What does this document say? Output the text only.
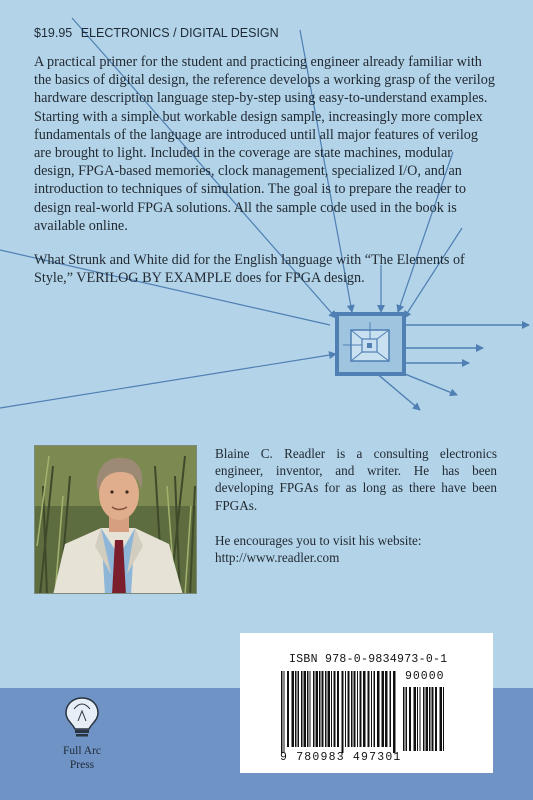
$19.95 ELECTRONICS / DIGITAL DESIGN

A practical primer for the student and practicing engineer already familiar with the basics of digital design, the reference develops a working grasp of the verilog hardware description language step-by-step using easy-to-understand examples. Starting with a simple but workable design sample, increasingly more complex fundamentals of the language are introduced until all major features of verilog are brought to light. Included in the coverage are state machines, modular design, FPGA-based memories, clock management, specialized I/O, and an introduction to techniques of simulation. The goal is to prepare the reader to design real-world FPGA solutions. All the sample code used in the book is available online.

What Strunk and White did for the English language with “The Elements of Style,” VERILOG BY EXAMPLE does for FPGA design.

Blaine C. Readler is a consulting electronics engineer, inventor, and writer. He has been developing FPGAs for as long as there have been FPGAs.

He encourages you to visit his website:
http://www.readler.com

Full Arc
Press
ISBN 978-0-9834973-0-1
90000
9 780983 497301
